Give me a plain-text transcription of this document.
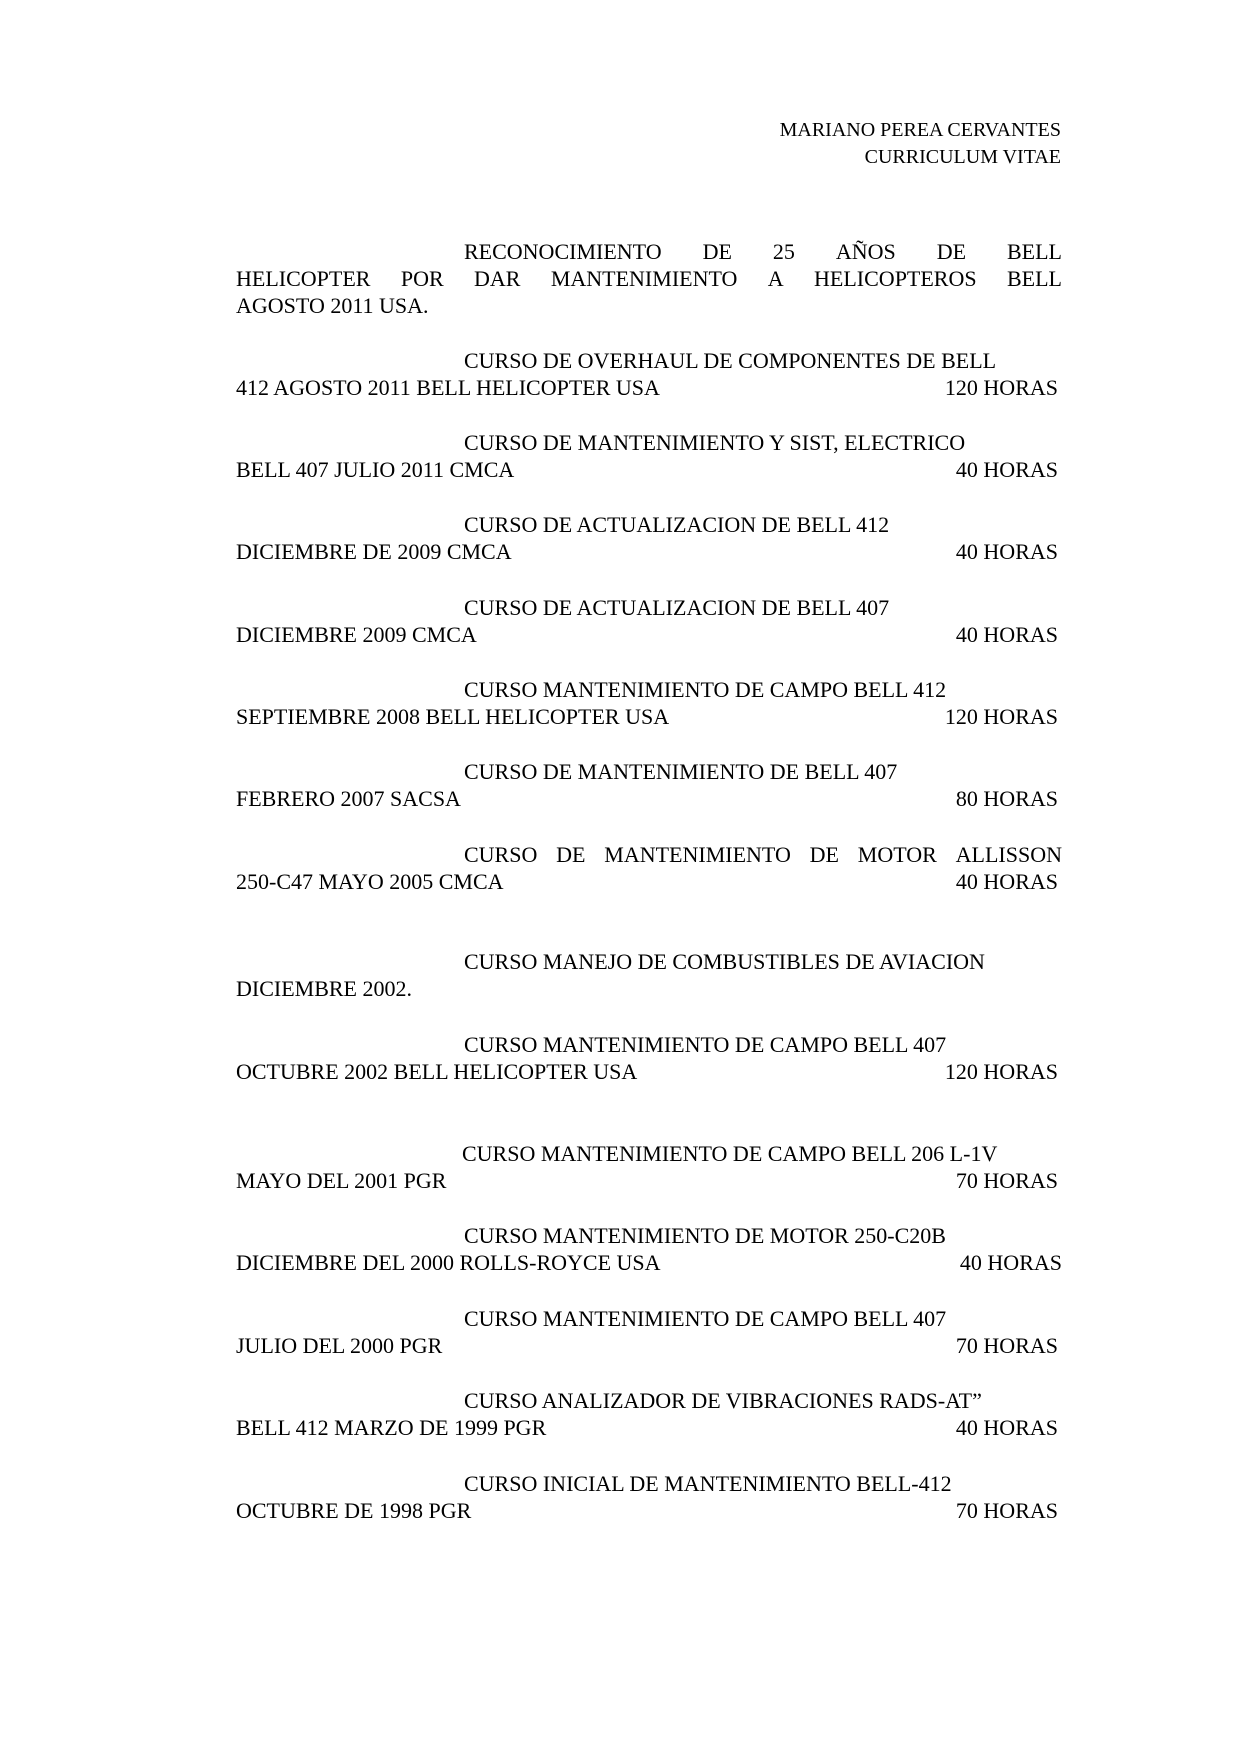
MARIANO PEREA CERVANTES
CURRICULUM VITAE
RECONOCIMIENTO DE 25 AÑOS DE BELL
HELICOPTER POR DAR MANTENIMIENTO A HELICOPTEROS BELL
AGOSTO 2011 USA.
CURSO DE OVERHAUL DE COMPONENTES DE BELL
412 AGOSTO 2011 BELL HELICOPTER USA	120 HORAS
CURSO DE MANTENIMIENTO Y SIST, ELECTRICO
BELL 407 JULIO 2011 CMCA	40 HORAS
CURSO DE ACTUALIZACION DE BELL 412
DICIEMBRE DE 2009 CMCA	40 HORAS
CURSO DE ACTUALIZACION DE BELL 407
DICIEMBRE 2009 CMCA	40 HORAS
CURSO MANTENIMIENTO DE CAMPO BELL 412
SEPTIEMBRE 2008 BELL HELICOPTER USA	120 HORAS
CURSO DE MANTENIMIENTO DE BELL 407
FEBRERO 2007 SACSA	80 HORAS
CURSO DE MANTENIMIENTO DE MOTOR ALLISSON
250-C47 MAYO 2005 CMCA	40 HORAS
CURSO MANEJO DE COMBUSTIBLES DE AVIACION
DICIEMBRE 2002.
CURSO MANTENIMIENTO DE CAMPO BELL 407
OCTUBRE 2002 BELL HELICOPTER USA	120 HORAS
CURSO MANTENIMIENTO DE CAMPO BELL 206 L-1V
MAYO DEL 2001 PGR	70 HORAS
CURSO MANTENIMIENTO DE MOTOR 250-C20B
DICIEMBRE DEL 2000 ROLLS-ROYCE USA	40 HORAS
CURSO MANTENIMIENTO DE CAMPO BELL 407
JULIO DEL 2000 PGR	70 HORAS
CURSO ANALIZADOR DE VIBRACIONES RADS-AT”
BELL 412 MARZO DE 1999 PGR	40 HORAS
CURSO INICIAL DE MANTENIMIENTO BELL-412
OCTUBRE DE 1998 PGR	70 HORAS
